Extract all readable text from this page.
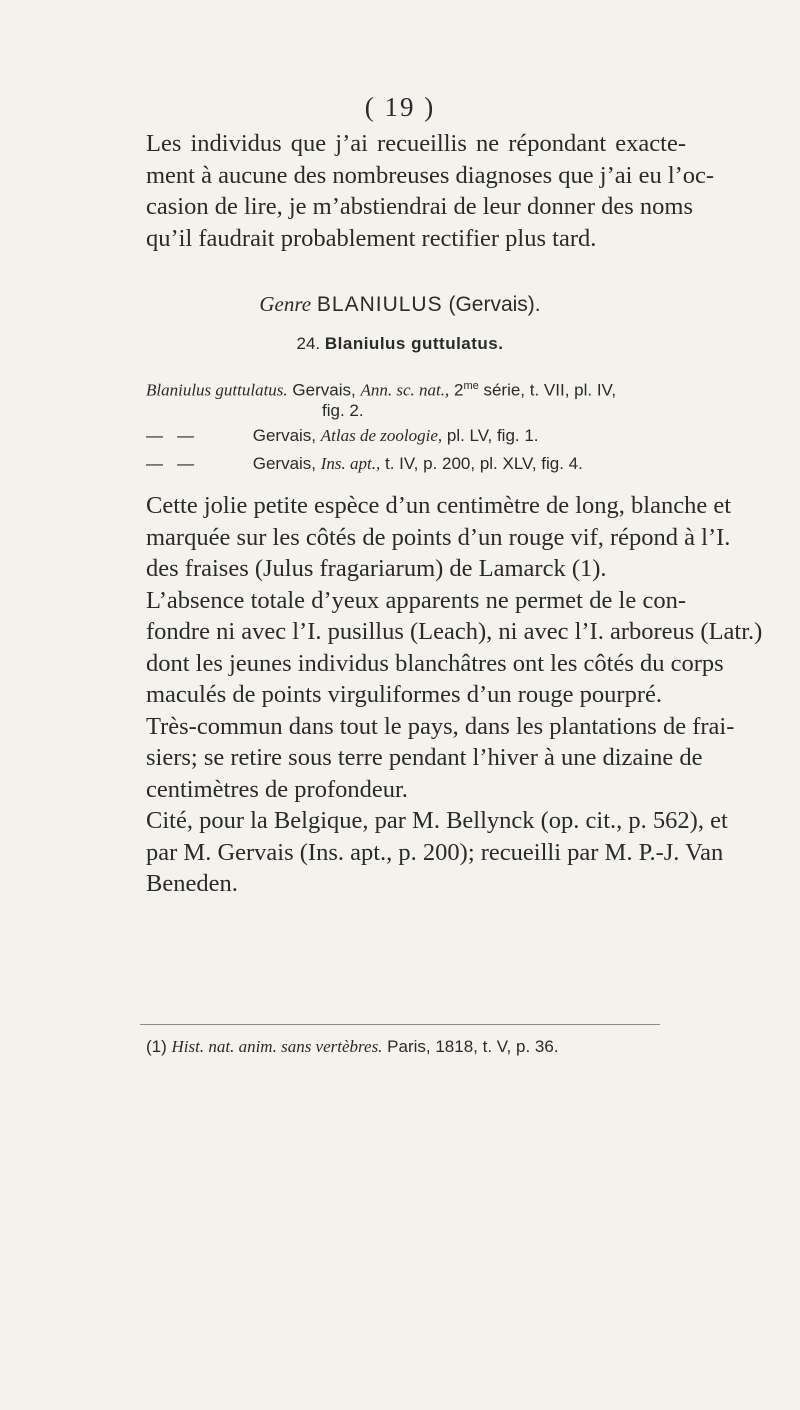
( 19 )
Les individus que j’ai recueillis ne répondant exacte-
ment à aucune des nombreuses diagnoses que j’ai eu l’oc-
casion de lire, je m’abstiendrai de leur donner des noms
qu’il faudrait probablement rectifier plus tard.
Genre BLANIULUS (Gervais).
24. Blaniulus guttulatus.
Blaniulus guttulatus. Gervais, Ann. sc. nat., $2^{me}$ série, t. VII, pl. IV,
fig. 2.
—   —	Gervais, Atlas de zoologie, pl. LV, fig. 1.
—   —	Gervais, Ins. apt., t. IV, p. 200, pl. XLV, fig. 4.
Cette jolie petite espèce d’un centimètre de long, blanche et
marquée sur les côtés de points d’un rouge vif, répond à l’I.
des fraises (Julus fragariarum) de Lamarck (1).
L’absence totale d’yeux apparents ne permet de le con-
fondre ni avec l’I. pusillus (Leach), ni avec l’I. arboreus (Latr.)
dont les jeunes individus blanchâtres ont les côtés du corps
maculés de points virguliformes d’un rouge pourpré.
Très-commun dans tout le pays, dans les plantations de frai-
siers; se retire sous terre pendant l’hiver à une dizaine de
centimètres de profondeur.
Cité, pour la Belgique, par M. Bellynck (op. cit., p. 562), et
par M. Gervais (Ins. apt., p. 200); recueilli par M. P.-J. Van
Beneden.
(1) Hist. nat. anim. sans vertèbres. Paris, 1818, t. V, p. 36.
